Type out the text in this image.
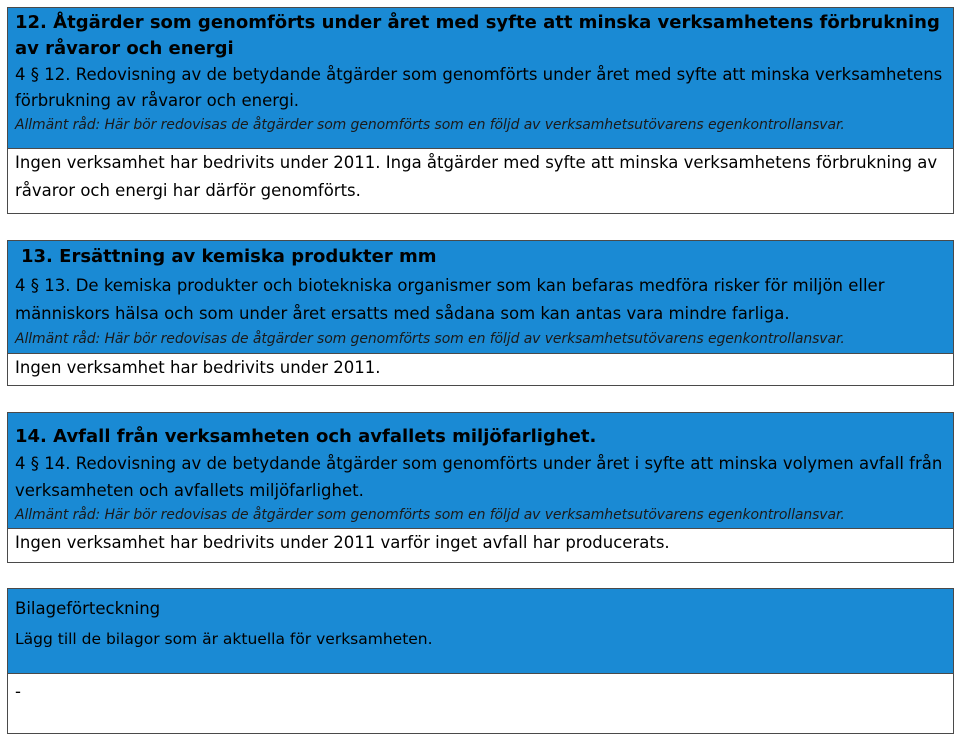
12. Åtgärder som genomförts under året med syfte att minska verksamhetens förbrukning av råvaror och energi
4 § 12. Redovisning av de betydande åtgärder som genomförts under året med syfte att minska verksamhetens förbrukning av råvaror och energi.
Allmänt råd: Här bör redovisas de åtgärder som genomförts som en följd av verksamhetsutövarens egenkontrollansvar.
Ingen verksamhet har bedrivits under 2011. Inga åtgärder med syfte att minska verksamhetens förbrukning av råvaror och energi har därför genomförts.
13. Ersättning av kemiska produkter mm
4 § 13. De kemiska produkter och biotekniska organismer som kan befaras medföra risker för miljön eller människors hälsa och som under året ersatts med sådana som kan antas vara mindre farliga.
Allmänt råd: Här bör redovisas de åtgärder som genomförts som en följd av verksamhetsutövarens egenkontrollansvar.
Ingen verksamhet har bedrivits under 2011.
14. Avfall från verksamheten och avfallets miljöfarlighet.
4 § 14. Redovisning av de betydande åtgärder som genomförts under året i syfte att minska volymen avfall från verksamheten och avfallets miljöfarlighet.
Allmänt råd: Här bör redovisas de åtgärder som genomförts som en följd av verksamhetsutövarens egenkontrollansvar.
Ingen verksamhet har bedrivits under 2011 varför inget avfall har producerats.
Bilageförteckning
Lägg till de bilagor som är aktuella för verksamheten.
-
